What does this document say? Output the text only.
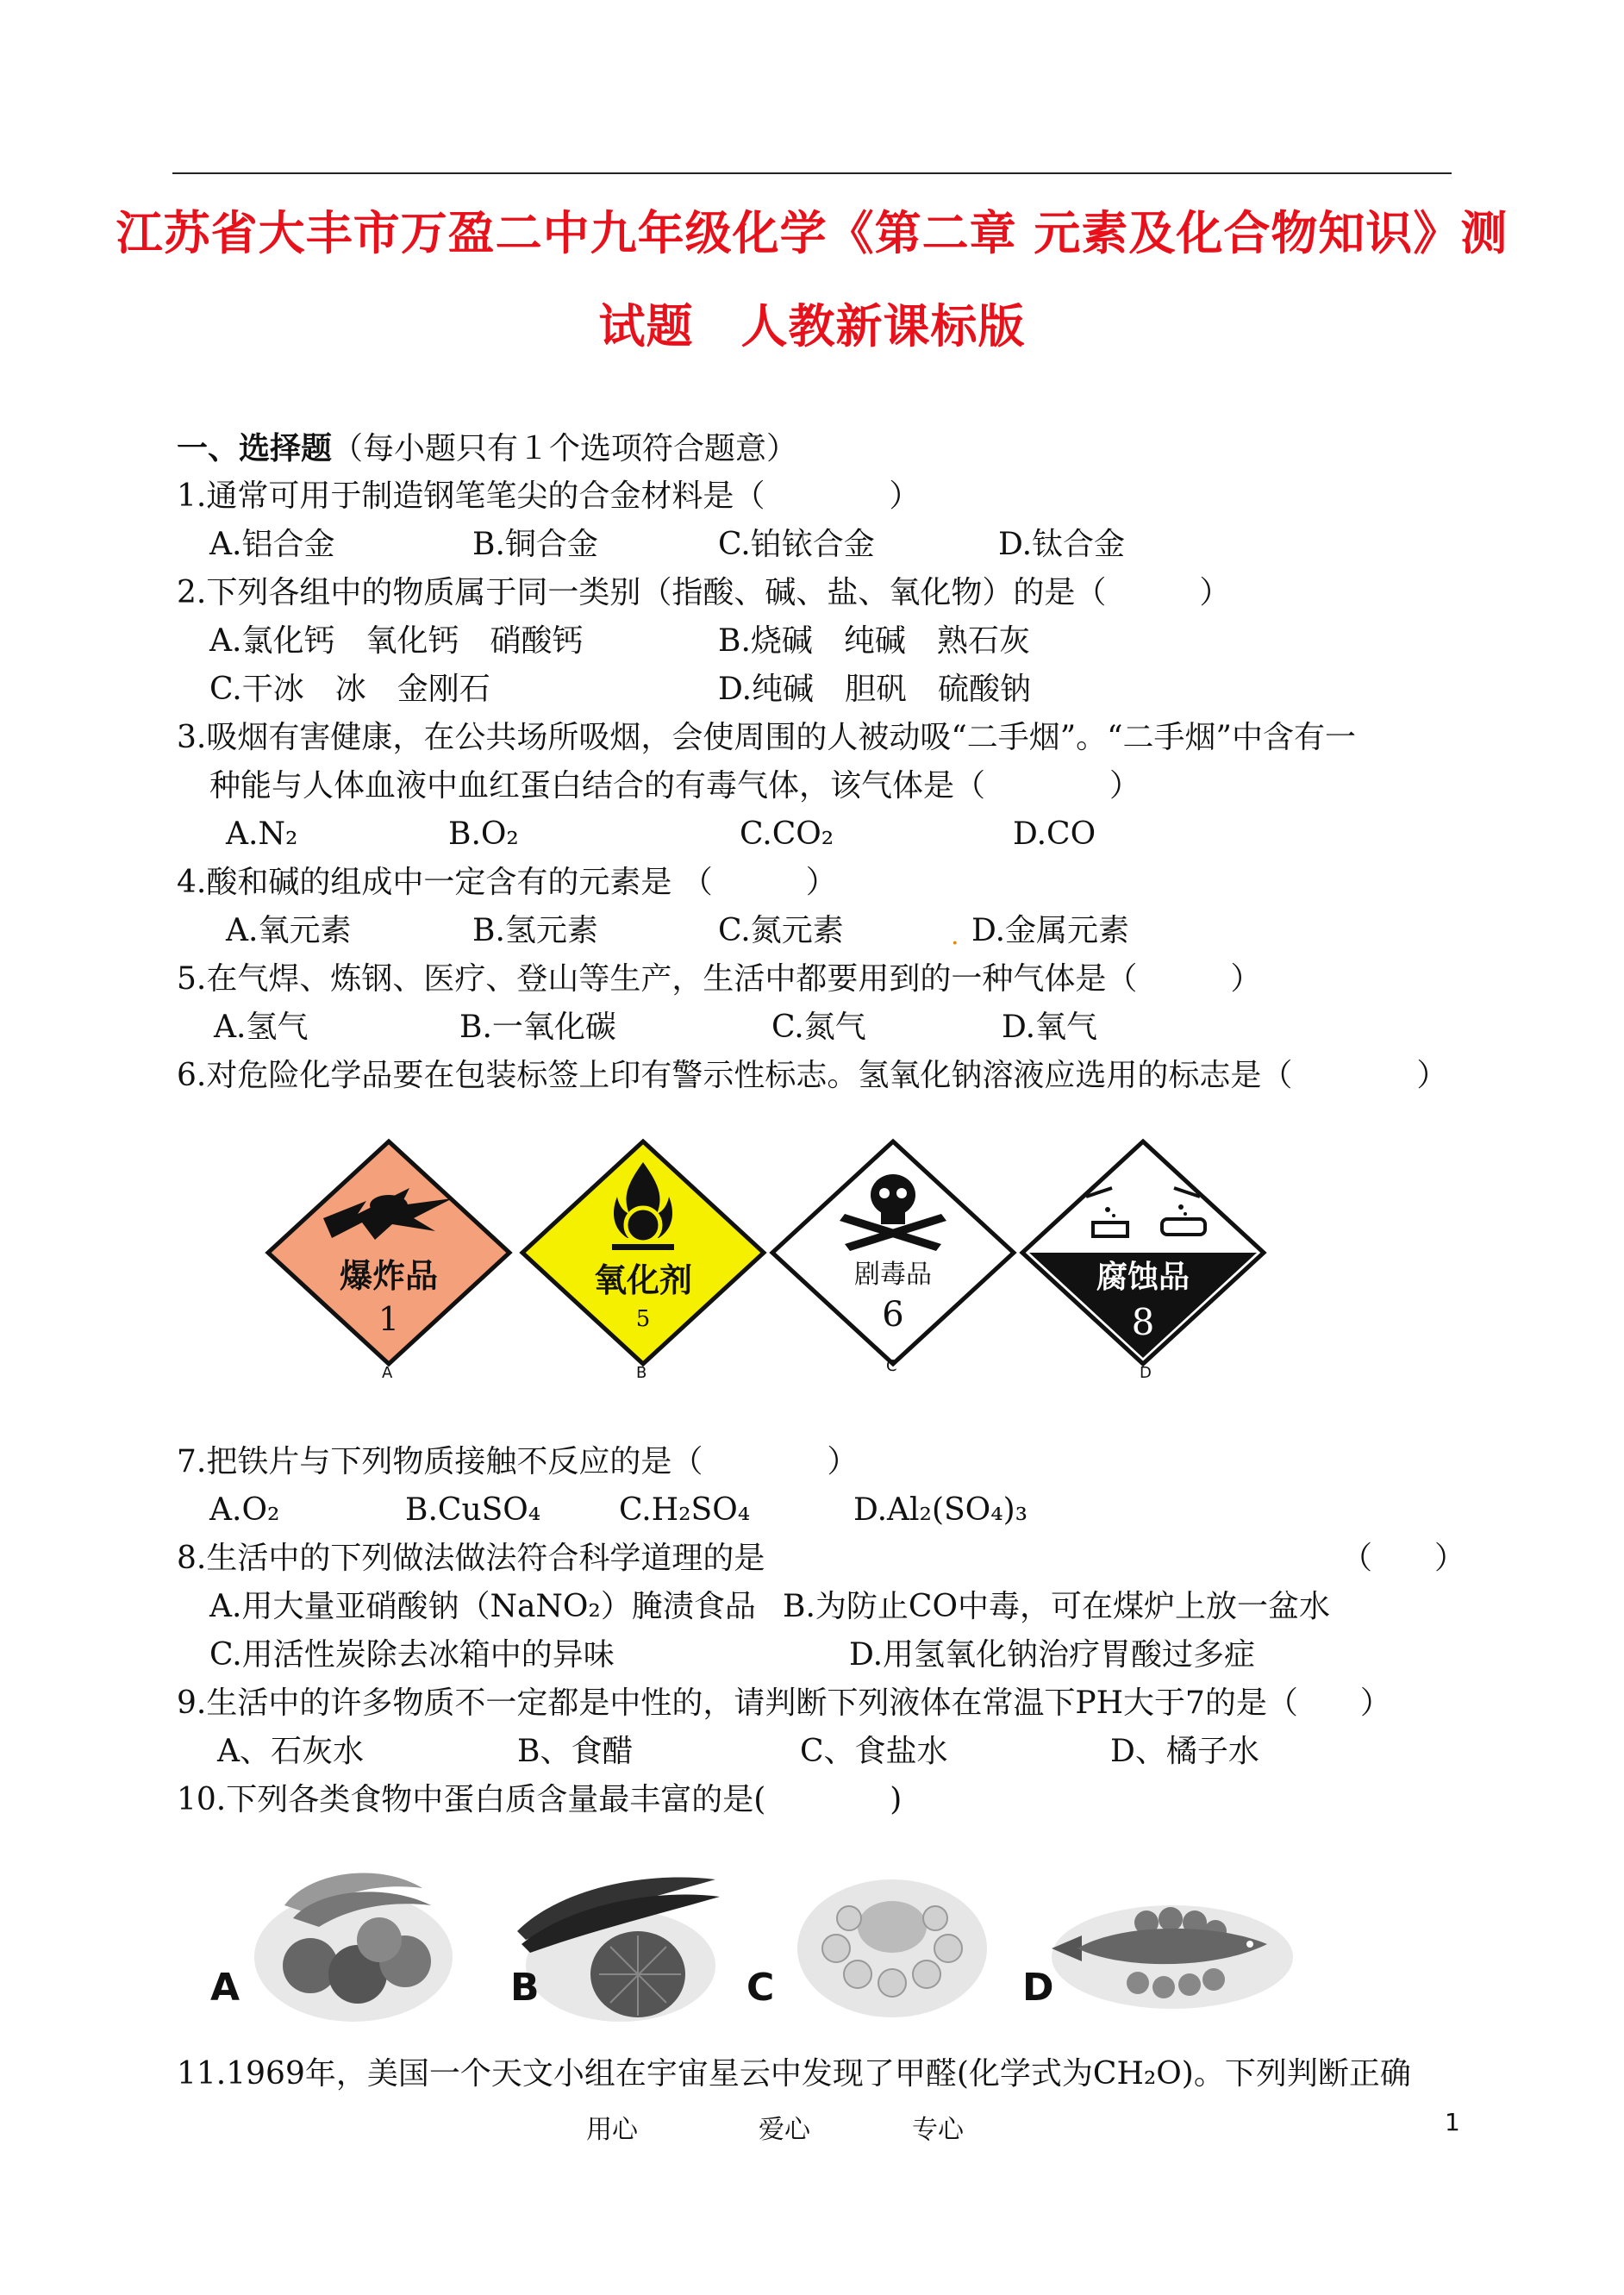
江苏省大丰市万盈二中九年级化学《第二章 元素及化合物知识》测
试题　人教新课标版
一、选择题（每小题只有１个选项符合题意）
1.通常可用于制造钢笔笔尖的合金材料是（　　　　）
A.铝合金	B.铜合金	C.铂铱合金	D.钛合金
2.下列各组中的物质属于同一类别（指酸、碱、盐、氧化物）的是（　　　）
A.氯化钙　氧化钙　硝酸钙	B.烧碱　纯碱　熟石灰
C.干冰　冰　金刚石	D.纯碱　胆矾　硫酸钠
3.吸烟有害健康，在公共场所吸烟，会使周围的人被动吸“二手烟”。“二手烟”中含有一
种能与人体血液中血红蛋白结合的有毒气体，该气体是（　　　　）
A.N₂	B.O₂	C.CO₂	D.CO
4.酸和碱的组成中一定含有的元素是 （　　　）
A.氧元素	B.氢元素	C.氮元素	. D.金属元素
5.在气焊、炼钢、医疗、登山等生产，生活中都要用到的一种气体是（　　　）
A.氢气	B.一氧化碳	C.氮气	D.氧气
6.对危险化学品要在包装标签上印有警示性标志。氢氧化钠溶液应选用的标志是（　　　　）
爆炸品
1
A
氧化剂
5
B
剧毒品
6
C
腐蚀品
8
D
7.把铁片与下列物质接触不反应的是（　　　　）
A.O₂	B.CuSO₄	C.H₂SO₄	D.Al₂(SO₄)₃
8.生活中的下列做法做法符合科学道理的是	（　　）
A.用大量亚硝酸钠（NaNO₂）腌渍食品 B.为防止CO中毒，可在煤炉上放一盆水
C.用活性炭除去冰箱中的异味	D.用氢氧化钠治疗胃酸过多症
9.生活中的许多物质不一定都是中性的，请判断下列液体在常温下PH大于7的是（　　）
A、石灰水	B、食醋	C、食盐水	D、橘子水
10.下列各类食物中蛋白质含量最丰富的是(　　　　)
A	B	C	D
11.1969年，美国一个天文小组在宇宙星云中发现了甲醛(化学式为CH₂O)。下列判断正确
用心	爱心	专心	1
